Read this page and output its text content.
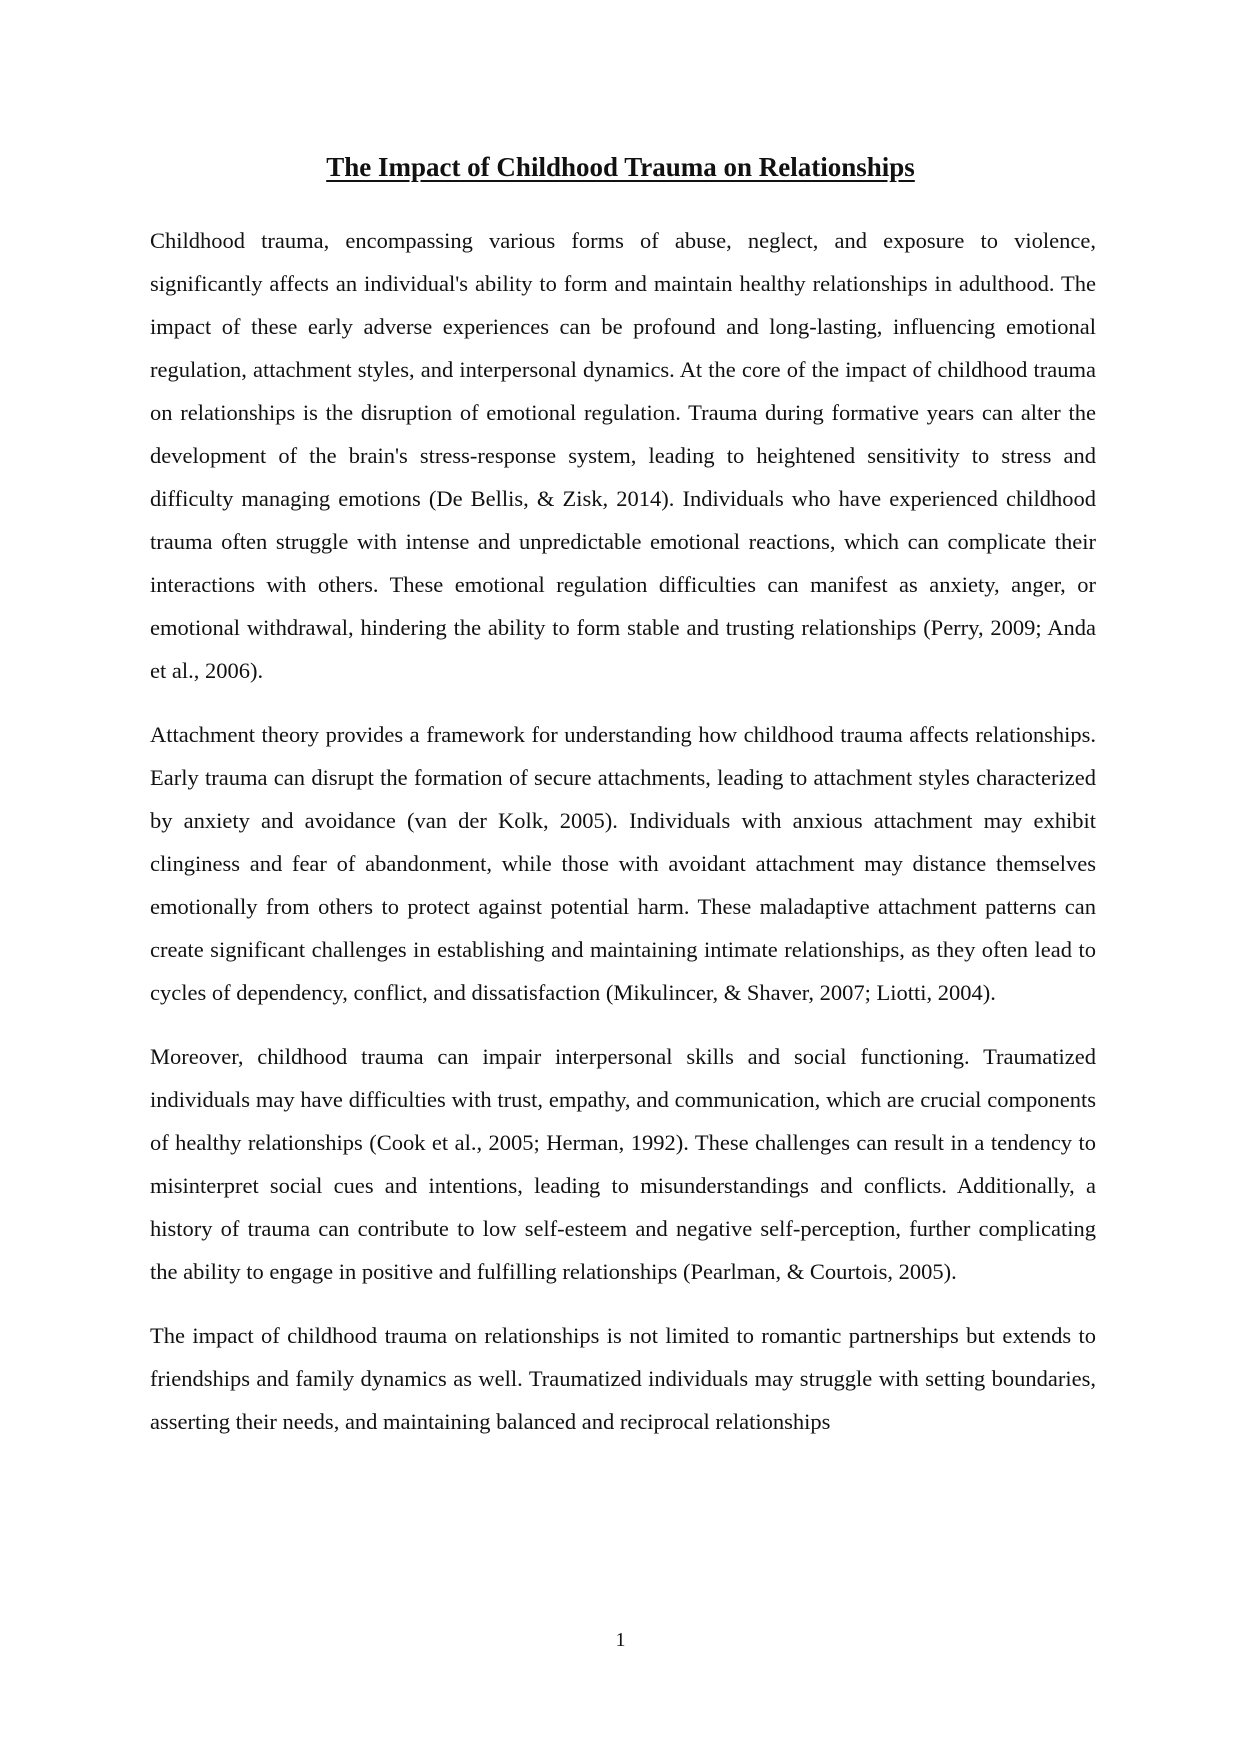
The Impact of Childhood Trauma on Relationships

Childhood trauma, encompassing various forms of abuse, neglect, and exposure to violence, significantly affects an individual's ability to form and maintain healthy relationships in adulthood. The impact of these early adverse experiences can be profound and long-lasting, influencing emotional regulation, attachment styles, and interpersonal dynamics. At the core of the impact of childhood trauma on relationships is the disruption of emotional regulation. Trauma during formative years can alter the development of the brain's stress-response system, leading to heightened sensitivity to stress and difficulty managing emotions (De Bellis, & Zisk, 2014). Individuals who have experienced childhood trauma often struggle with intense and unpredictable emotional reactions, which can complicate their interactions with others. These emotional regulation difficulties can manifest as anxiety, anger, or emotional withdrawal, hindering the ability to form stable and trusting relationships (Perry, 2009; Anda et al., 2006).

Attachment theory provides a framework for understanding how childhood trauma affects relationships. Early trauma can disrupt the formation of secure attachments, leading to attachment styles characterized by anxiety and avoidance (van der Kolk, 2005). Individuals with anxious attachment may exhibit clinginess and fear of abandonment, while those with avoidant attachment may distance themselves emotionally from others to protect against potential harm. These maladaptive attachment patterns can create significant challenges in establishing and maintaining intimate relationships, as they often lead to cycles of dependency, conflict, and dissatisfaction (Mikulincer, & Shaver, 2007; Liotti, 2004).

Moreover, childhood trauma can impair interpersonal skills and social functioning. Traumatized individuals may have difficulties with trust, empathy, and communication, which are crucial components of healthy relationships (Cook et al., 2005; Herman, 1992). These challenges can result in a tendency to misinterpret social cues and intentions, leading to misunderstandings and conflicts. Additionally, a history of trauma can contribute to low self-esteem and negative self-perception, further complicating the ability to engage in positive and fulfilling relationships (Pearlman, & Courtois, 2005).

The impact of childhood trauma on relationships is not limited to romantic partnerships but extends to friendships and family dynamics as well. Traumatized individuals may struggle with setting boundaries, asserting their needs, and maintaining balanced and reciprocal relationships

1
